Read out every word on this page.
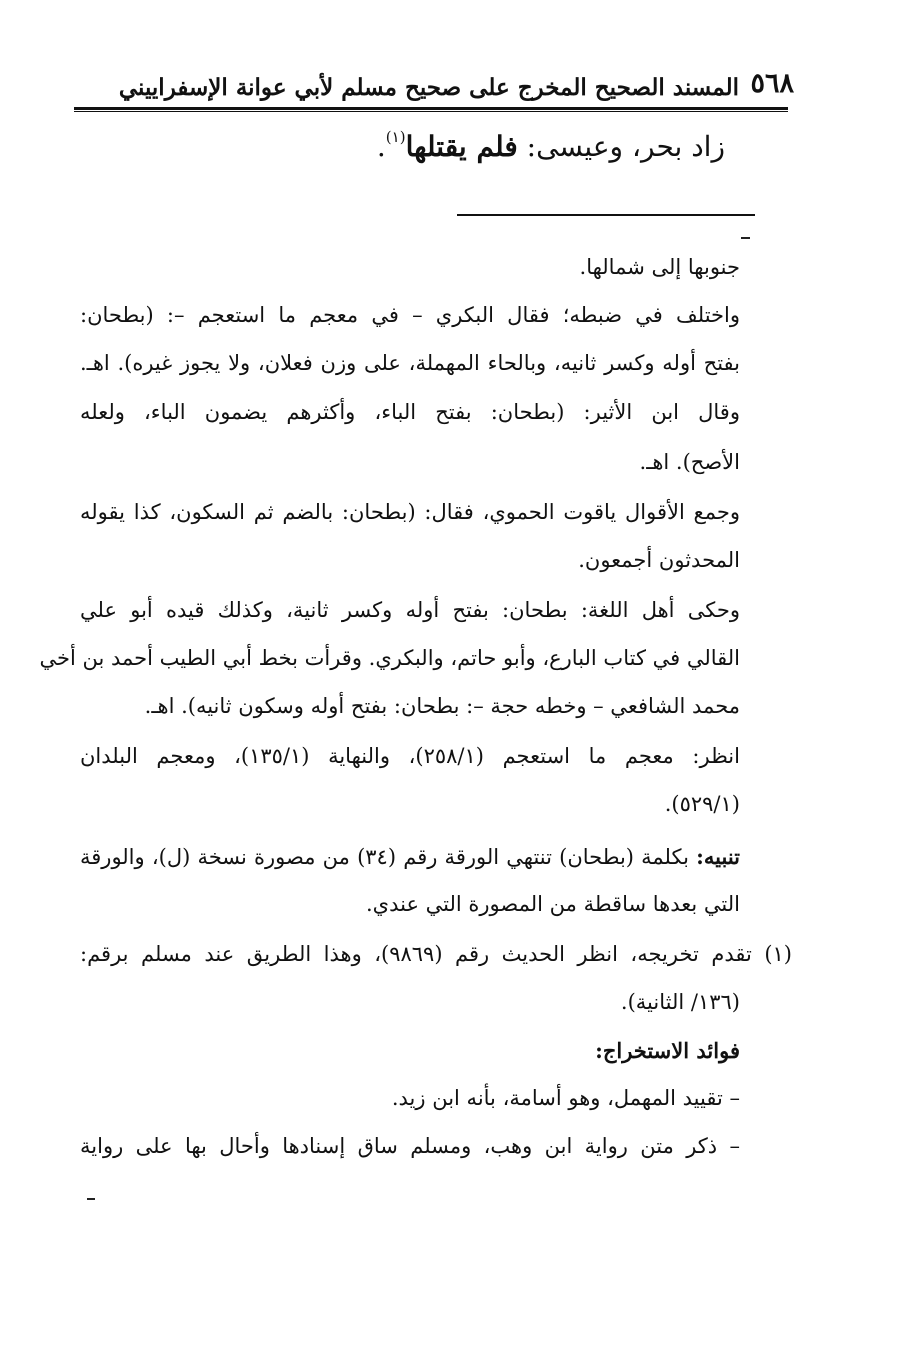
٥٦٨
المسند الصحيح المخرج على صحيح مسلم لأبي عوانة الإسفراييني
زاد بحر، وعيسى: فلم يقتلها$^{(١)}$.
جنوبها إلى شمالها.
واختلف في ضبطه؛ فقال البكري – في معجم ما استعجم –: (بطحان:
بفتح أوله وكسر ثانيه، وبالحاء المهملة، على وزن فعلان، ولا يجوز غيره). اهـ.
وقال ابن الأثير: (بطحان: بفتح الباء، وأكثرهم يضمون الباء، ولعله
الأصح). اهـ.
وجمع الأقوال ياقوت الحموي، فقال: (بطحان: بالضم ثم السكون، كذا يقوله
المحدثون أجمعون.
وحكى أهل اللغة: بطحان: بفتح أوله وكسر ثانية، وكذلك قيده أبو علي
القالي في كتاب البارع، وأبو حاتم، والبكري. وقرأت بخط أبي الطيب أحمد بن أخي
محمد الشافعي – وخطه حجة –: بطحان: بفتح أوله وسكون ثانيه). اهـ.
انظر: معجم ما استعجم (٢٥٨/١)، والنهاية (١٣٥/١)، ومعجم البلدان
(٥٢٩/١).
تنبيه: بكلمة (بطحان) تنتهي الورقة رقم (٣٤) من مصورة نسخة (ل)، والورقة
التي بعدها ساقطة من المصورة التي عندي.
(١) تقدم تخريجه، انظر الحديث رقم (٩٨٦٩)، وهذا الطريق عند مسلم برقم:
(١٣٦/ الثانية).
فوائد الاستخراج:
– تقييد المهمل، وهو أسامة، بأنه ابن زيد.
– ذكر متن رواية ابن وهب، ومسلم ساق إسنادها وأحال بها على رواية
